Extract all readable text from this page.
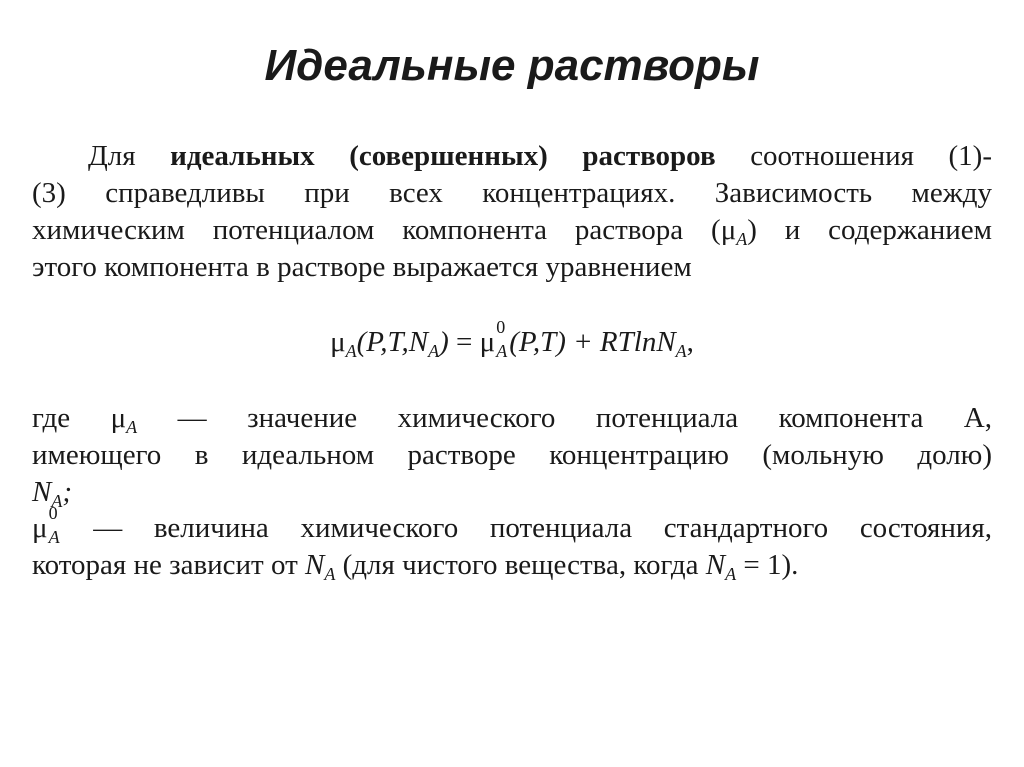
Идеальные растворы
Для идеальных (совершенных) растворов соотношения (1)-
(3) справедливы при всех концентрациях. Зависимость между
химическим потенциалом компонента раствора $(\mu_A)$ и содержанием
этого компонента в растворе выражается уравнением
$\mu_A(P,T,N_A) = \mu$ 0
A (P,T) + RTlnN$_A$,
где $\mu_A$ — значение химического потенциала компонента А,
имеющего в идеальном растворе концентрацию (мольную долю)
$N_A$;
μ 0
A — величина химического потенциала стандартного состояния,
которая не зависит от $N_A$ (для чистого вещества, когда $N_A = 1$).
